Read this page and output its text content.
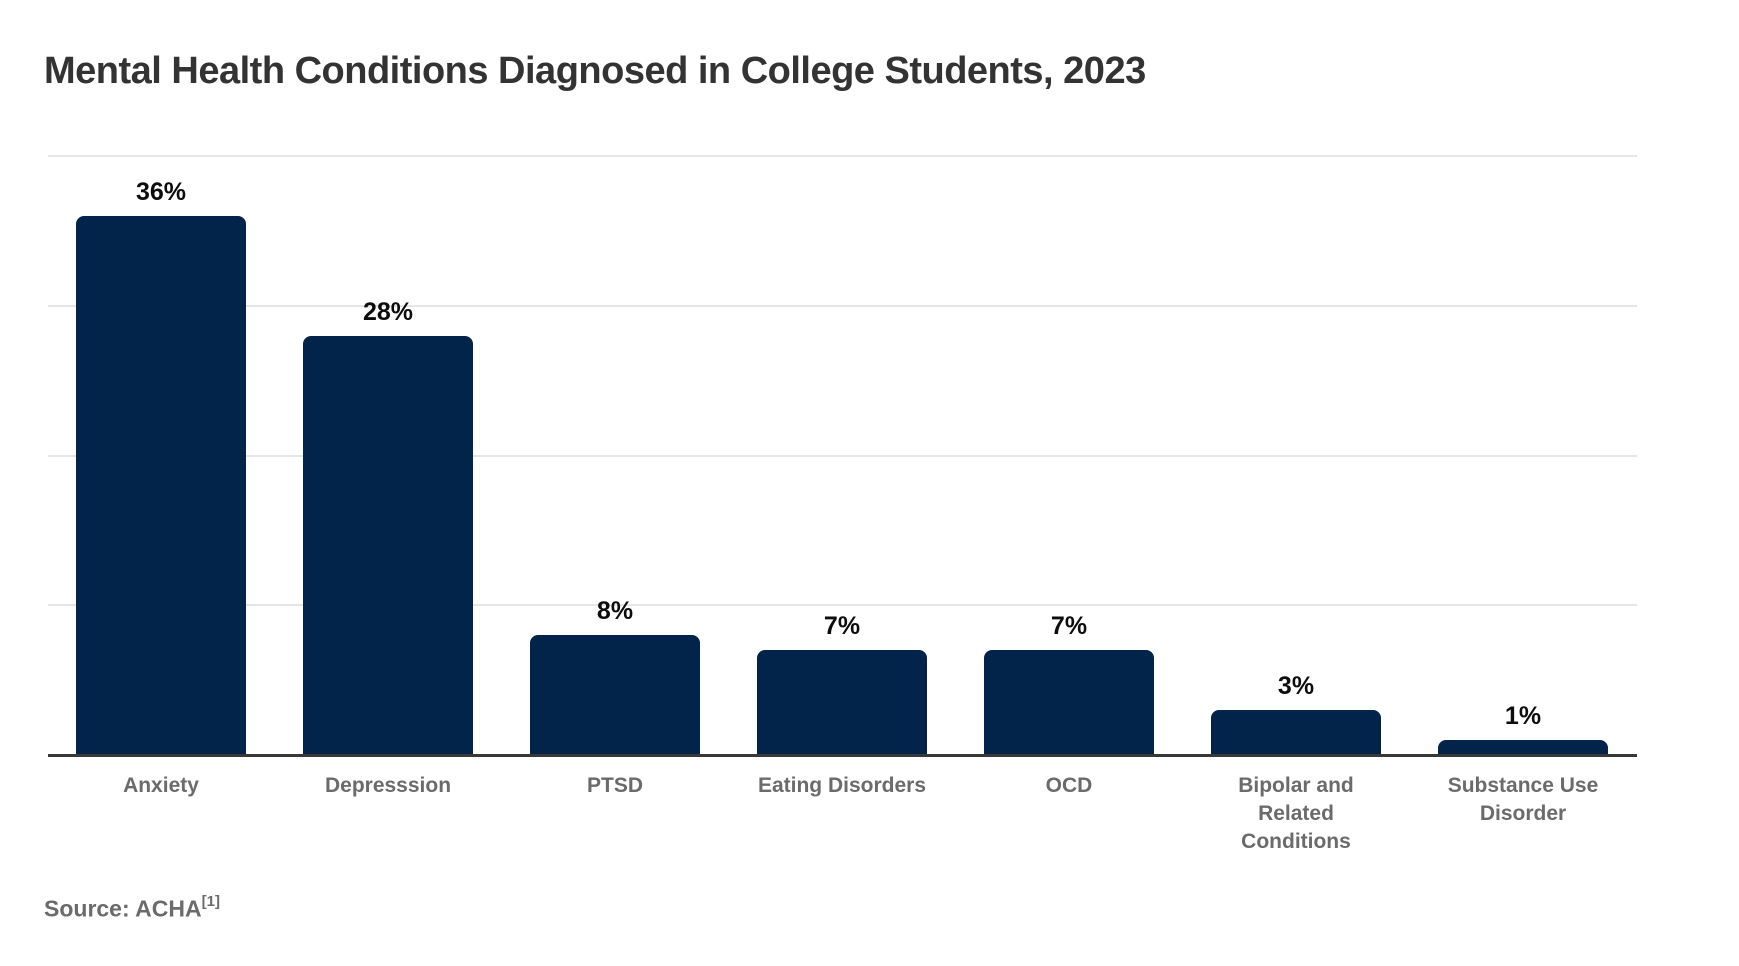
Mental Health Conditions Diagnosed in College Students, 2023
36%
28%
8%
7%	7%
3%
1%
Anxiety	Depresssion	PTSD	Eating Disorders	OCD	Bipolar and
Related
Conditions
Substance Use
Disorder
Source: ACHA[1]
